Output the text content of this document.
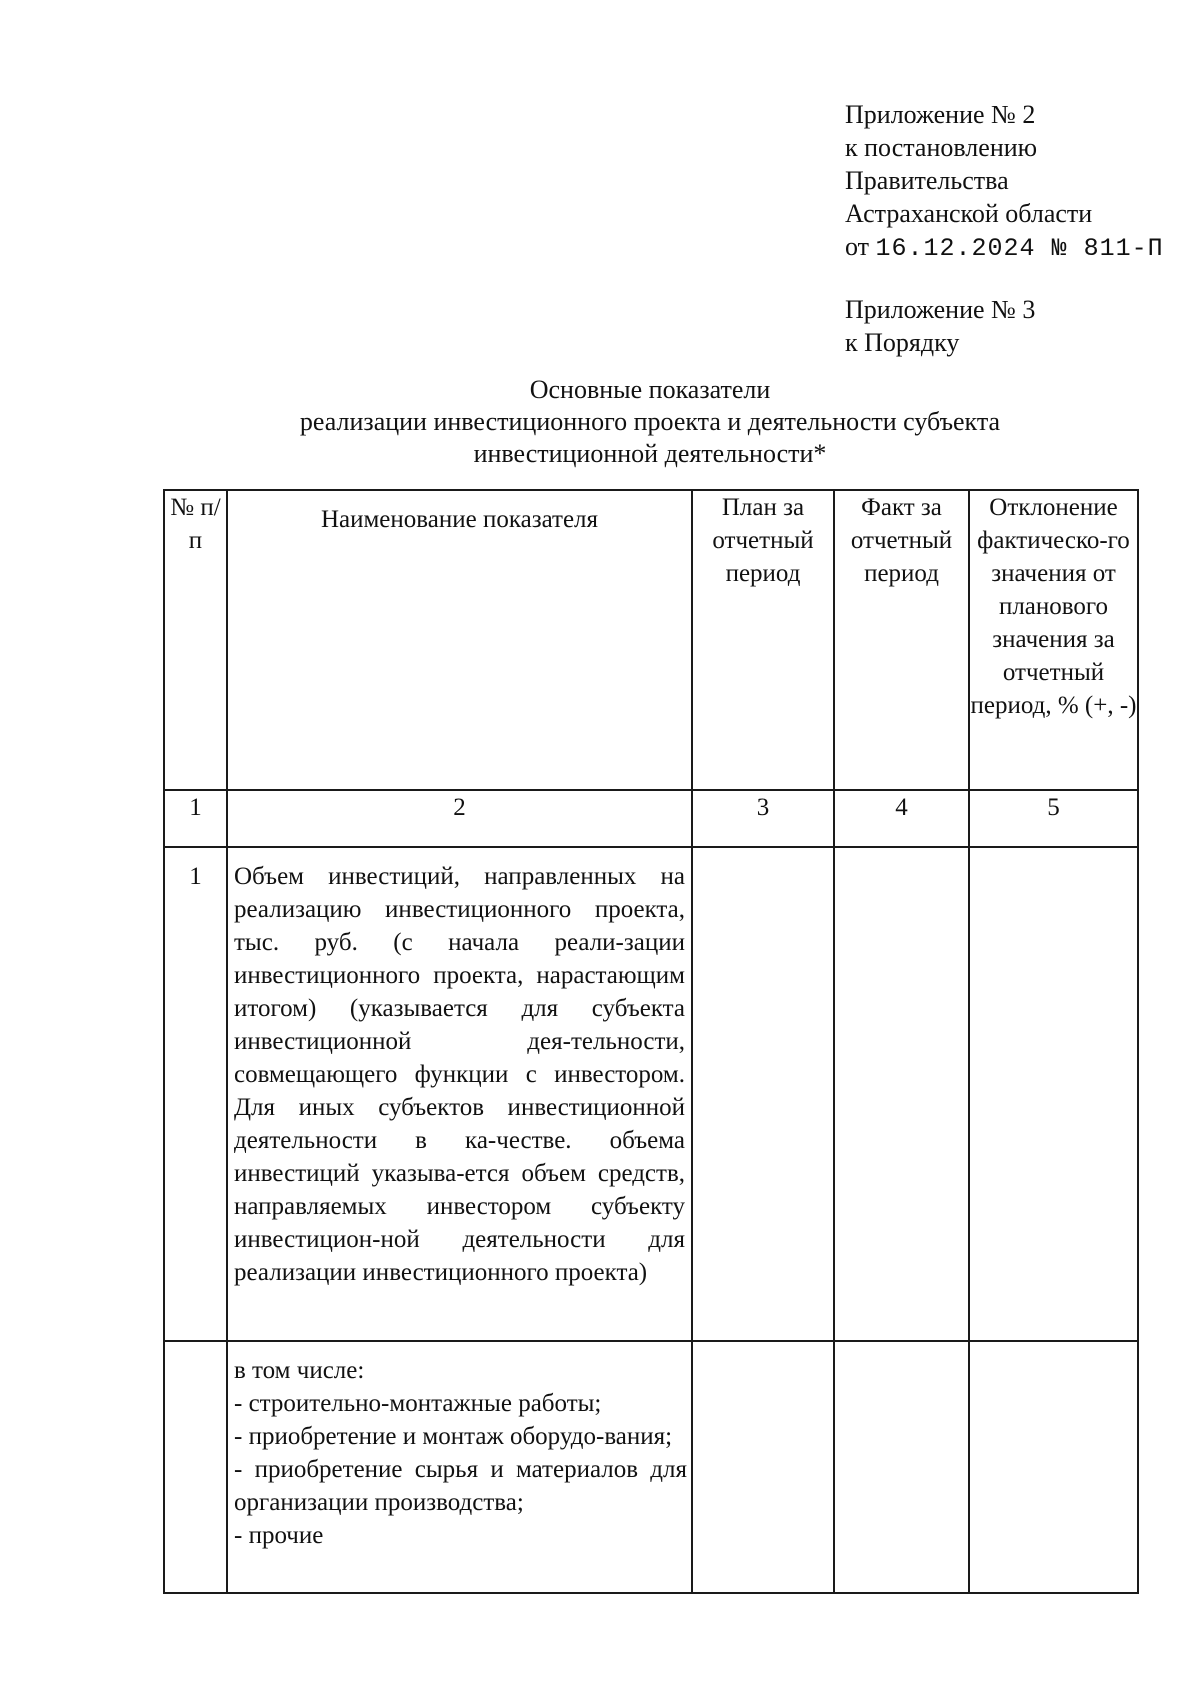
Приложение № 2
к постановлению
Правительства
Астраханской области
от 16.12.2024 № 811-П
Приложение № 3
к Порядку
Основные показатели
реализации инвестиционного проекта и деятельности субъекта
инвестиционной деятельности*
№ п/п	Наименование показателя	План за отчетный период	Факт за отчетный период	Отклонение фактическо-го значения от планового значения за отчетный период, % (+, -)
1	2	3	4	5
1	Объем инвестиций, направленных на реализацию инвестиционного проекта, тыс. руб. (с начала реали-зации инвестиционного проекта, нарастающим итогом) (указывается для субъекта инвестиционной дея-тельности, совмещающего функции с инвестором. Для иных субъектов инвестиционной деятельности в ка-честве. объема инвестиций указыва-ется объем средств, направляемых инвестором субъекту инвестицион-ной деятельности для реализации инвестиционного проекта)			

	в том числе:
- строительно-монтажные работы;
- приобретение и монтаж оборудо-вания;
- приобретение сырья и материалов для организации производства;
- прочие			
